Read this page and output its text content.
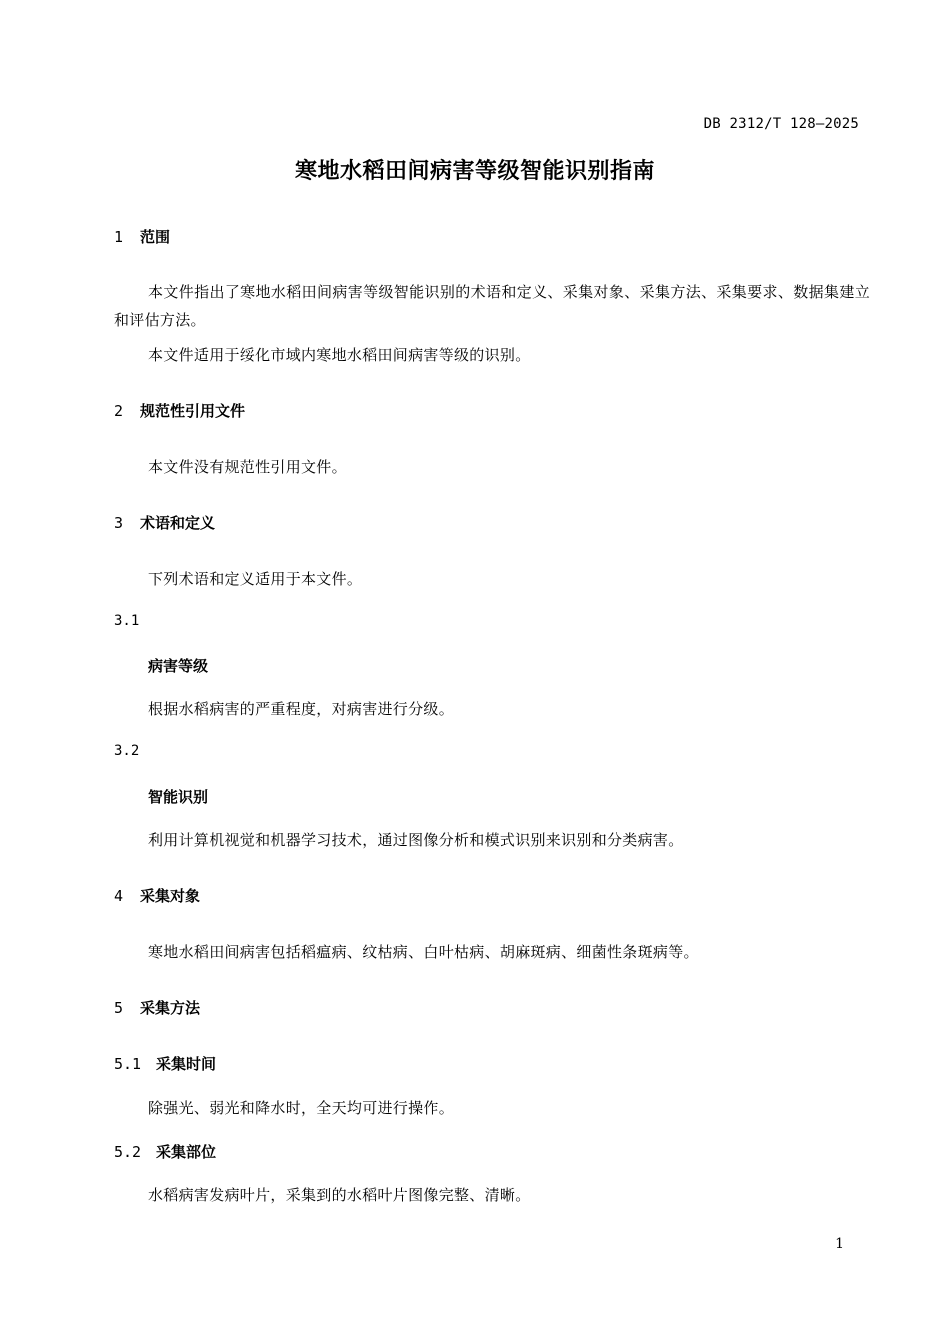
DB 2312/T 128—2025
寒地水稻田间病害等级智能识别指南
1 范围

本文件指出了寒地水稻田间病害等级智能识别的术语和定义、采集对象、采集方法、采集要求、数据集建立和评估方法。

本文件适用于绥化市域内寒地水稻田间病害等级的识别。

2 规范性引用文件

本文件没有规范性引用文件。

3 术语和定义

下列术语和定义适用于本文件。

3.1
病害等级

根据水稻病害的严重程度，对病害进行分级。

3.2
智能识别

利用计算机视觉和机器学习技术，通过图像分析和模式识别来识别和分类病害。

4 采集对象

寒地水稻田间病害包括稻瘟病、纹枯病、白叶枯病、胡麻斑病、细菌性条斑病等。

5 采集方法
5.1 采集时间

除强光、弱光和降水时，全天均可进行操作。

5.2 采集部位

水稻病害发病叶片，采集到的水稻叶片图像完整、清晰。

1
